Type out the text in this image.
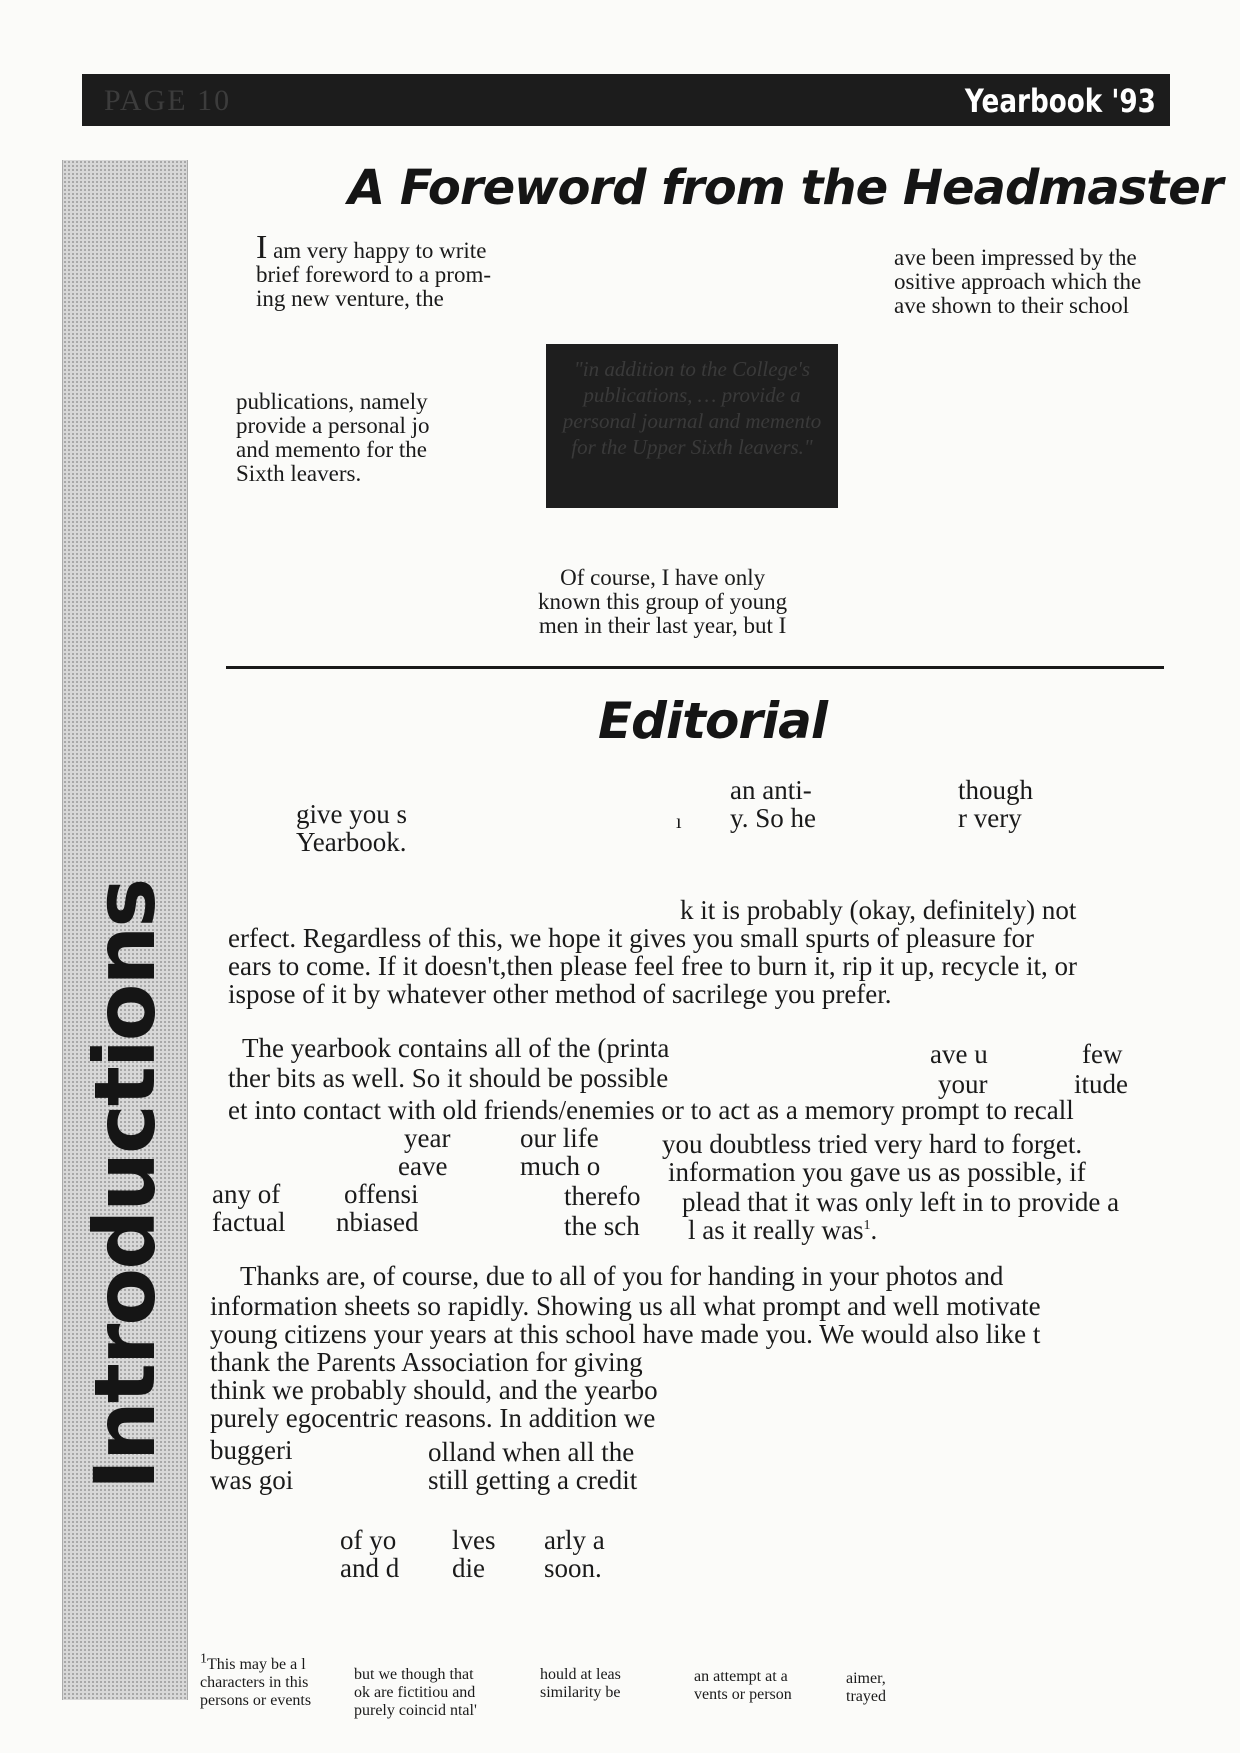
Yearbook '93
PAGE 10
Introductions
A Foreword from the Headmaster
I am very happy to write
brief foreword to a prom-
ing new venture, the
ave been impressed by the
ositive approach which the
ave shown to their school
publications, namely
provide a personal jo
and memento for the
Sixth leavers.
"in addition to the College's publications, … provide a personal journal and memento for the Upper Sixth leavers."
Of course, I have only
known this group of young
men in their last year, but I
Editorial
give you s
Yearbook.
ı
an anti-
y. So he
though
r very
k it is probably (okay, definitely) not
erfect. Regardless of this, we hope it gives you small spurts of pleasure for
ears to come. If it doesn't,then please feel free to burn it, rip it up, recycle it, or
ispose of it by whatever other method of sacrilege you prefer.
The yearbook contains all of the (printa	ave u	few
ther bits as well. So it should be possible	your	itude
et into contact with old friends/enemies or to act as a memory prompt to recall
year	our life you doubtless tried very hard to forget.
eave	much o	information you gave us as possible, if
any of offensi	therefo plead that it was only left in to provide a
factual nbiased	the sch l as it really was$^1$.
Thanks are, of course, due to all of you for handing in your photos and
information sheets so rapidly. Showing us all what prompt and well motivate
young citizens your years at this school have made you. We would also like t
thank the Parents Association for giving
think we probably should, and the yearbo
purely egocentric reasons. In addition we
buggeri	olland when all the
was goi	still getting a credit
of yo
and d
lves
die
arly a
soon.
1This may be a l
characters in this
persons or events
but we though that
ok are fictitiou and
purely coincid ntal'
hould at leas
similarity be
an attempt at a
vents or person
aimer,
trayed
